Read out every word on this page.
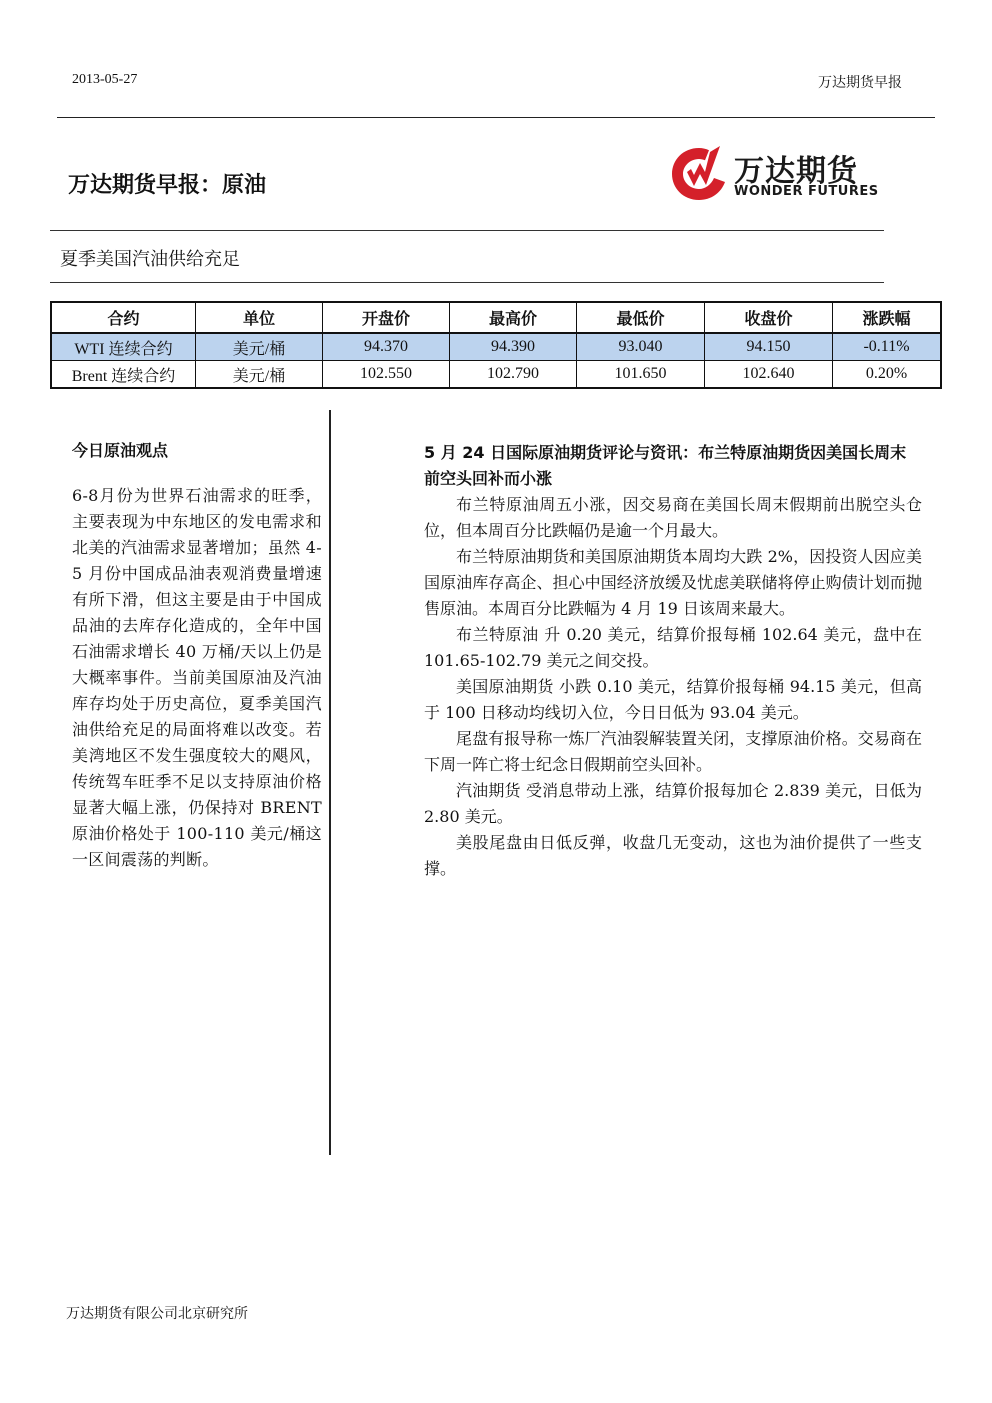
2013-05-27	万达期货早报
万达期货早报：原油	万达期货
WONDER FUTURES
夏季美国汽油供给充足
合约	单位	开盘价	最高价	最低价	收盘价	涨跌幅
WTI 连续合约	美元/桶	94.370	94.390	93.040	94.150	-0.11%
Brent 连续合约	美元/桶	102.550	102.790	101.650	102.640	0.20%
今日原油观点
6-8月份为世界石油需求的旺季，主要表现为中东地区的发电需求和北美的汽油需求显著增加；虽然 4-5 月份中国成品油表观消费量增速有所下滑，但这主要是由于中国成品油的去库存化造成的，全年中国石油需求增长 40 万桶/天以上仍是大概率事件。当前美国原油及汽油库存均处于历史高位，夏季美国汽油供给充足的局面将难以改变。若美湾地区不发生强度较大的飓风，传统驾车旺季不足以支持原油价格显著大幅上涨，仍保持对 BRENT 原油价格处于 100-110 美元/桶这一区间震荡的判断。
5 月 24 日国际原油期货评论与资讯：布兰特原油期货因美国长周末前空头回补而小涨

布兰特原油周五小涨，因交易商在美国长周末假期前出脱空头仓位，但本周百分比跌幅仍是逾一个月最大。

布兰特原油期货和美国原油期货本周均大跌 2%，因投资人因应美国原油库存高企、担心中国经济放缓及忧虑美联储将停止购债计划而抛售原油。本周百分比跌幅为 4 月 19 日该周来最大。

布兰特原油 升 0.20 美元，结算价报每桶 102.64 美元，盘中在 101.65-102.79 美元之间交投。

美国原油期货 小跌 0.10 美元，结算价报每桶 94.15 美元，但高于 100 日移动均线切入位，今日日低为 93.04 美元。

尾盘有报导称一炼厂汽油裂解装置关闭，支撑原油价格。交易商在下周一阵亡将士纪念日假期前空头回补。

汽油期货 受消息带动上涨，结算价报每加仑 2.839 美元，日低为 2.80 美元。

美股尾盘由日低反弹，收盘几无变动，这也为油价提供了一些支撑。

万达期货有限公司北京研究所
